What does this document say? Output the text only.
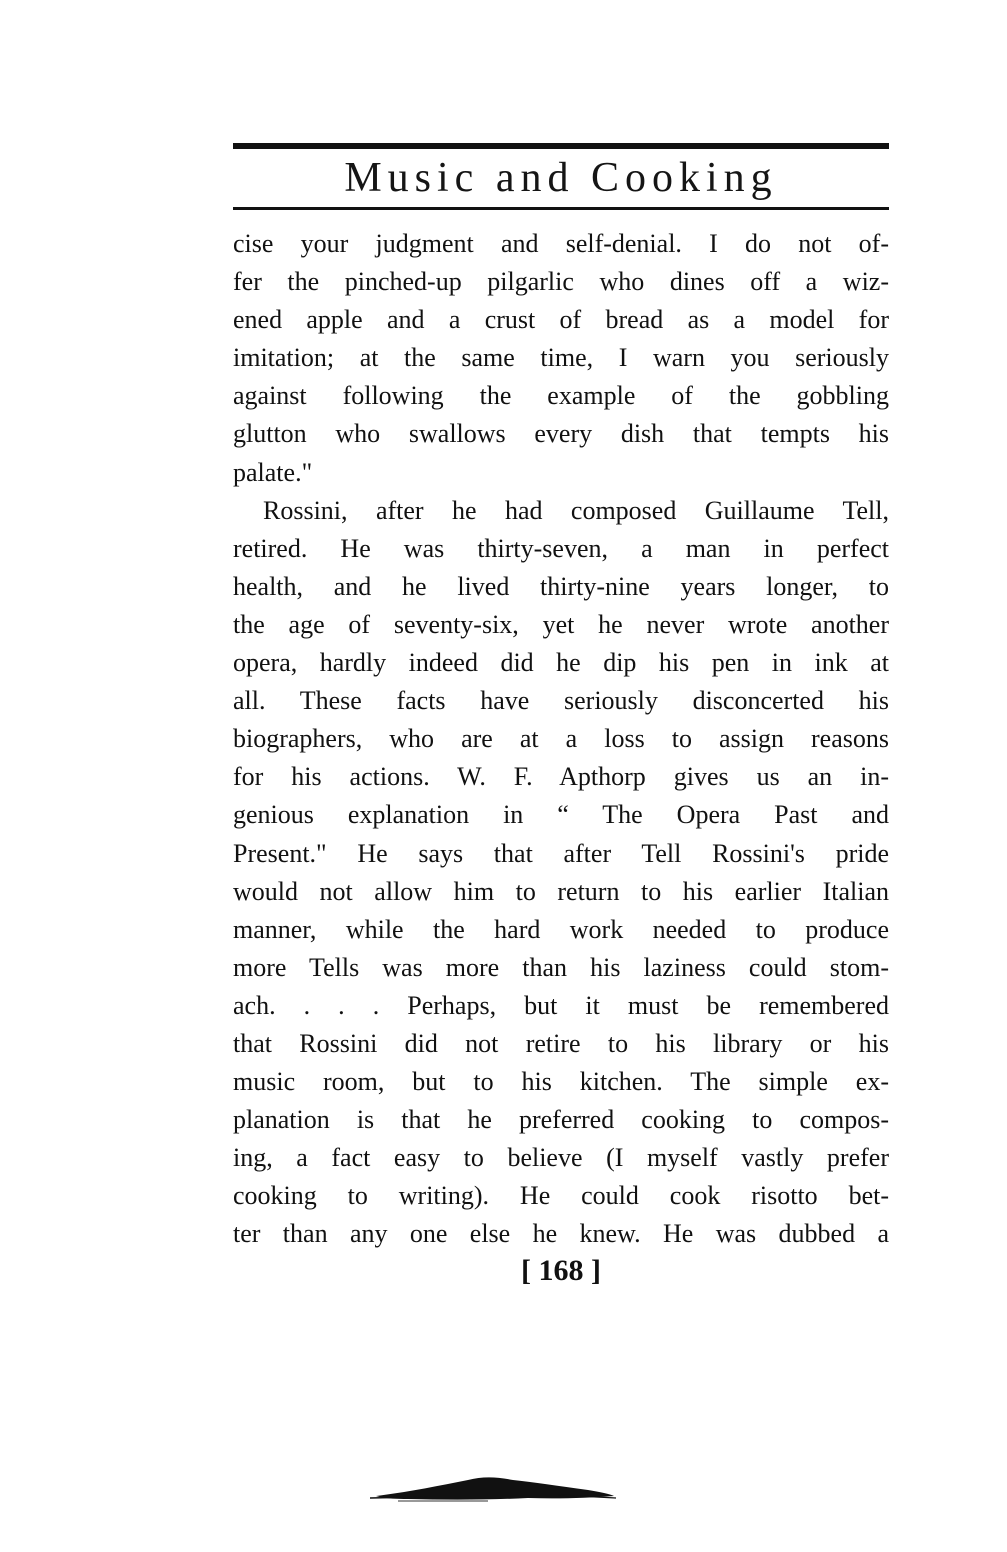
Music and Cooking
cise your judgment and self-denial. I do not of-
fer the pinched-up pilgarlic who dines off a wiz-
ened apple and a crust of bread as a model for
imitation; at the same time, I warn you seriously
against following the example of the gobbling
glutton who swallows every dish that tempts his
palate."
Rossini, after he had composed Guillaume Tell,
retired. He was thirty-seven, a man in perfect
health, and he lived thirty-nine years longer, to
the age of seventy-six, yet he never wrote another
opera, hardly indeed did he dip his pen in ink at
all. These facts have seriously disconcerted his
biographers, who are at a loss to assign reasons
for his actions. W. F. Apthorp gives us an in-
genious explanation in “ The Opera Past and
Present." He says that after Tell Rossini's pride
would not allow him to return to his earlier Italian
manner, while the hard work needed to produce
more Tells was more than his laziness could stom-
ach. . . . Perhaps, but it must be remembered
that Rossini did not retire to his library or his
music room, but to his kitchen. The simple ex-
planation is that he preferred cooking to compos-
ing, a fact easy to believe (I myself vastly prefer
cooking to writing). He could cook risotto bet-
ter than any one else he knew. He was dubbed a
[ 168 ]
